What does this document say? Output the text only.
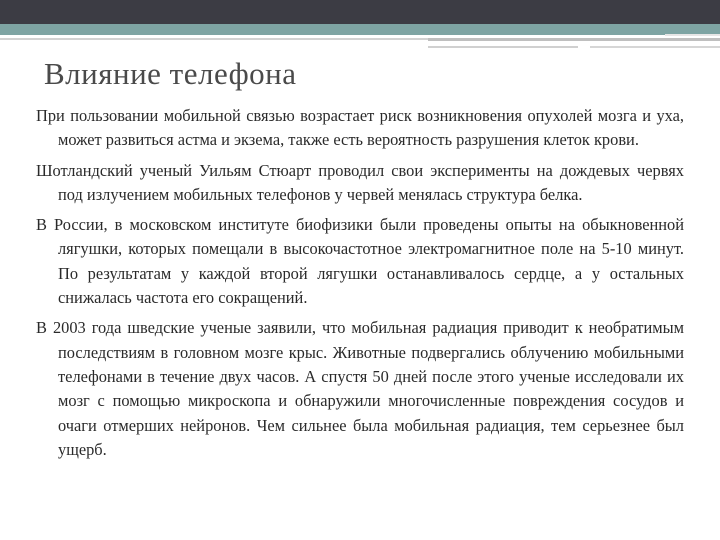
Влияние телефона

При пользовании мобильной связью возрастает риск возникновения опухолей мозга и уха, может развиться астма и экзема, также есть вероятность разрушения клеток крови.

Шотландский ученый Уильям Стюарт проводил свои эксперименты на дождевых червях под излучением мобильных телефонов у червей менялась структура белка.

В России, в московском институте биофизики были проведены опыты на обыкновенной лягушки, которых помещали в высокочастотное электромагнитное поле на 5-10 минут. По результатам у каждой второй лягушки останавливалось сердце, а у остальных снижалась частота его сокращений.

В 2003 года шведские ученые заявили, что мобильная радиация приводит к необратимым последствиям в головном мозге крыс. Животные подвергались облучению мобильными телефонами в течение двух часов. А спустя 50 дней после этого ученые исследовали их мозг с помощью микроскопа и обнаружили многочисленные повреждения сосудов и очаги отмерших нейронов. Чем сильнее была мобильная радиация, тем серьезнее был ущерб.
